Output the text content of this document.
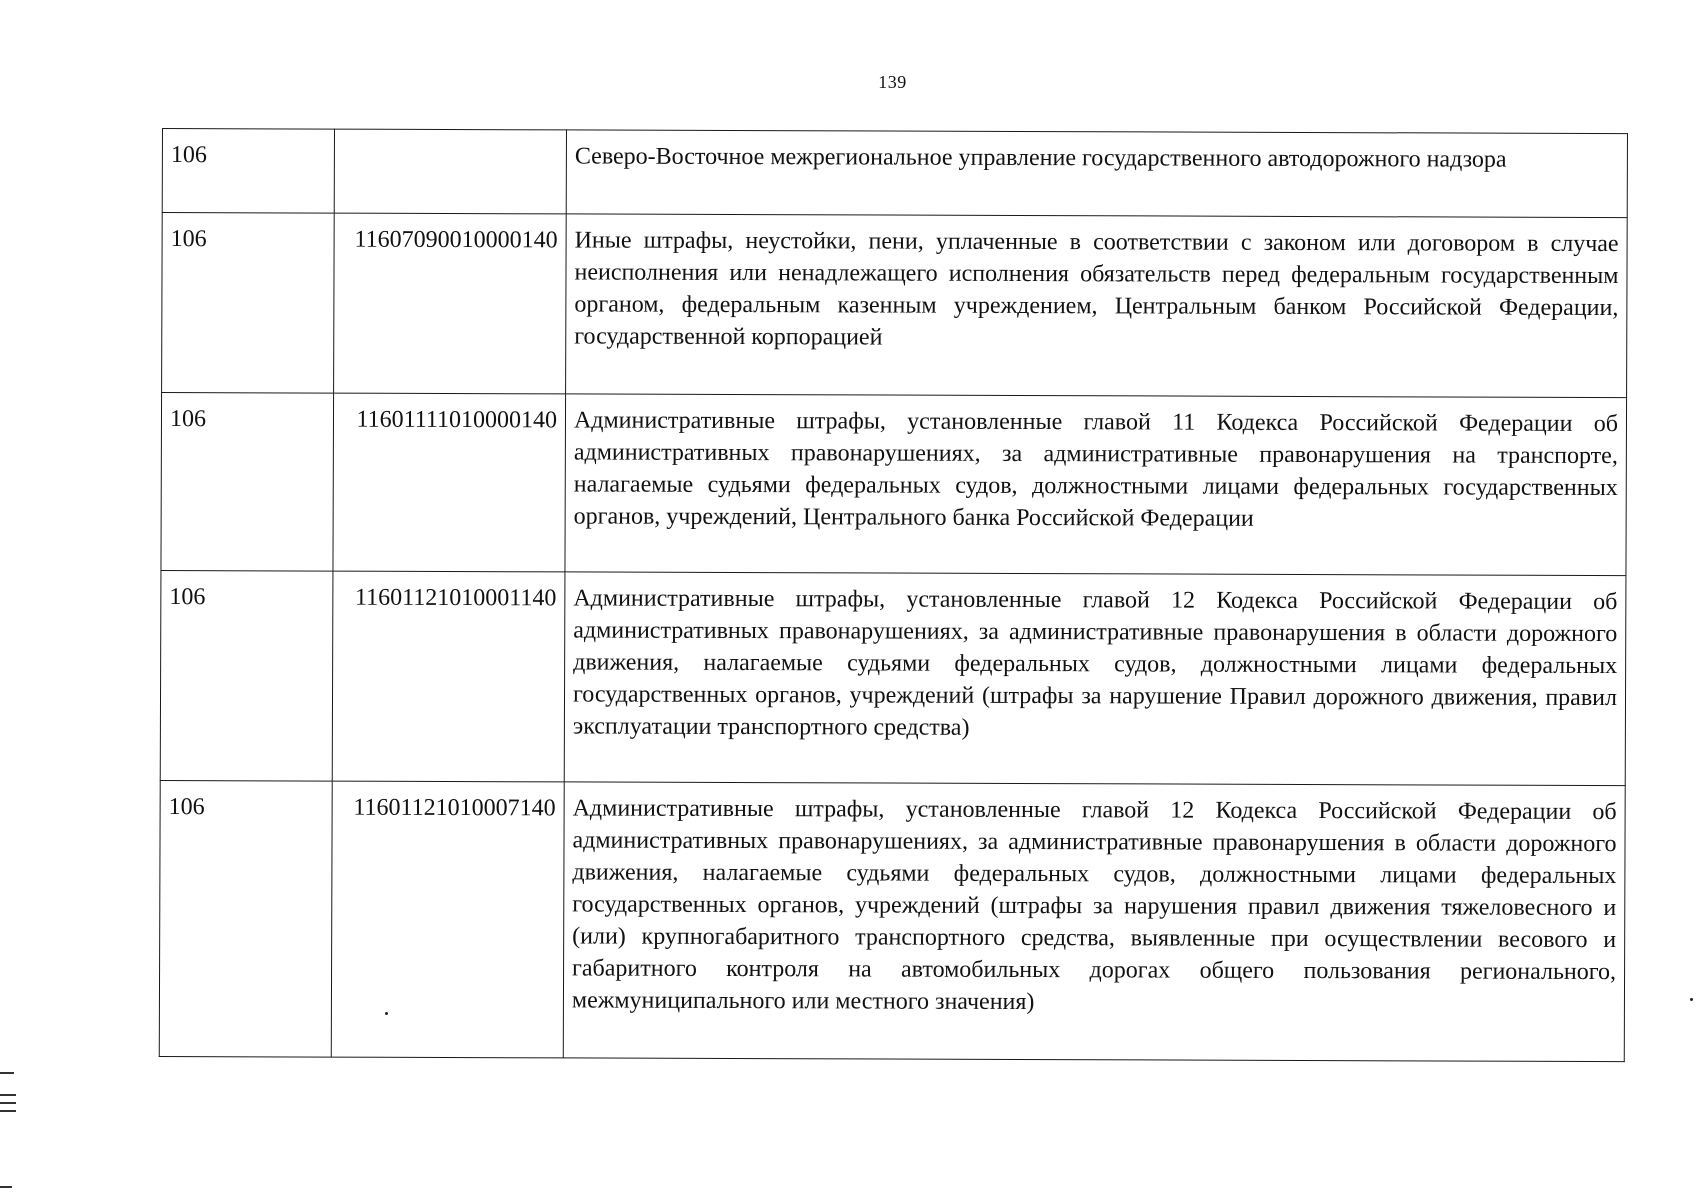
139
106		Северо-Восточное межрегиональное управление государственного автодорожного надзора
106	11607090010000140	Иные штрафы, неустойки, пени, уплаченные в соответствии с законом или договором в случае неисполнения или ненадлежащего исполнения обязательств перед федеральным государственным органом, федеральным казенным учреждением, Центральным банком Российской Федерации, государственной корпорацией
106	11601111010000140	Административные штрафы, установленные главой 11 Кодекса Российской Федерации об административных правонарушениях, за административные правонарушения на транспорте, налагаемые судьями федеральных судов, должностными лицами федеральных государственных органов, учреждений, Центрального банка Российской Федерации
106	11601121010001140	Административные штрафы, установленные главой 12 Кодекса Российской Федерации об административных правонарушениях, за административные правонарушения в области дорожного движения, налагаемые судьями федеральных судов, должностными лицами федеральных государственных органов, учреждений (штрафы за нарушение Правил дорожного движения, правил эксплуатации транспортного средства)
106	11601121010007140	Административные штрафы, установленные главой 12 Кодекса Российской Федерации об административных правонарушениях, за административные правонарушения в области дорожного движения, налагаемые судьями федеральных судов, должностными лицами федеральных государственных органов, учреждений (штрафы за нарушения правил движения тяжеловесного и (или) крупногабаритного транспортного средства, выявленные при осуществлении весового и габаритного контроля на автомобильных дорогах общего пользования регионального, межмуниципального или местного значения)
